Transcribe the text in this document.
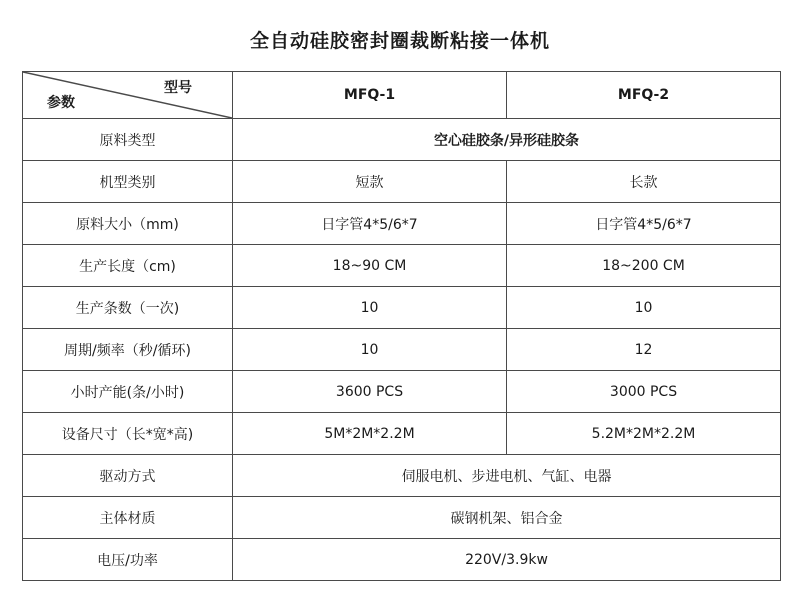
全自动硅胶密封圈裁断粘接一体机
型号
参数	MFQ-1	MFQ-2
原料类型	空心硅胶条/异形硅胶条	
机型类别	短款	长款
原料大小（mm)	日字管4*5/6*7	日字管4*5/6*7
生产长度（cm)	18~90 CM	18~200 CM
生产条数（一次)	10	10
周期/频率（秒/循环)	10	12
小时产能(条/小时)	3600 PCS	3000 PCS
设备尺寸（长*宽*高)	5M*2M*2.2M	5.2M*2M*2.2M
驱动方式	伺服电机、步进电机、气缸、电器	
主体材质	碳钢机架、铝合金	
电压/功率	220V/3.9kw	
